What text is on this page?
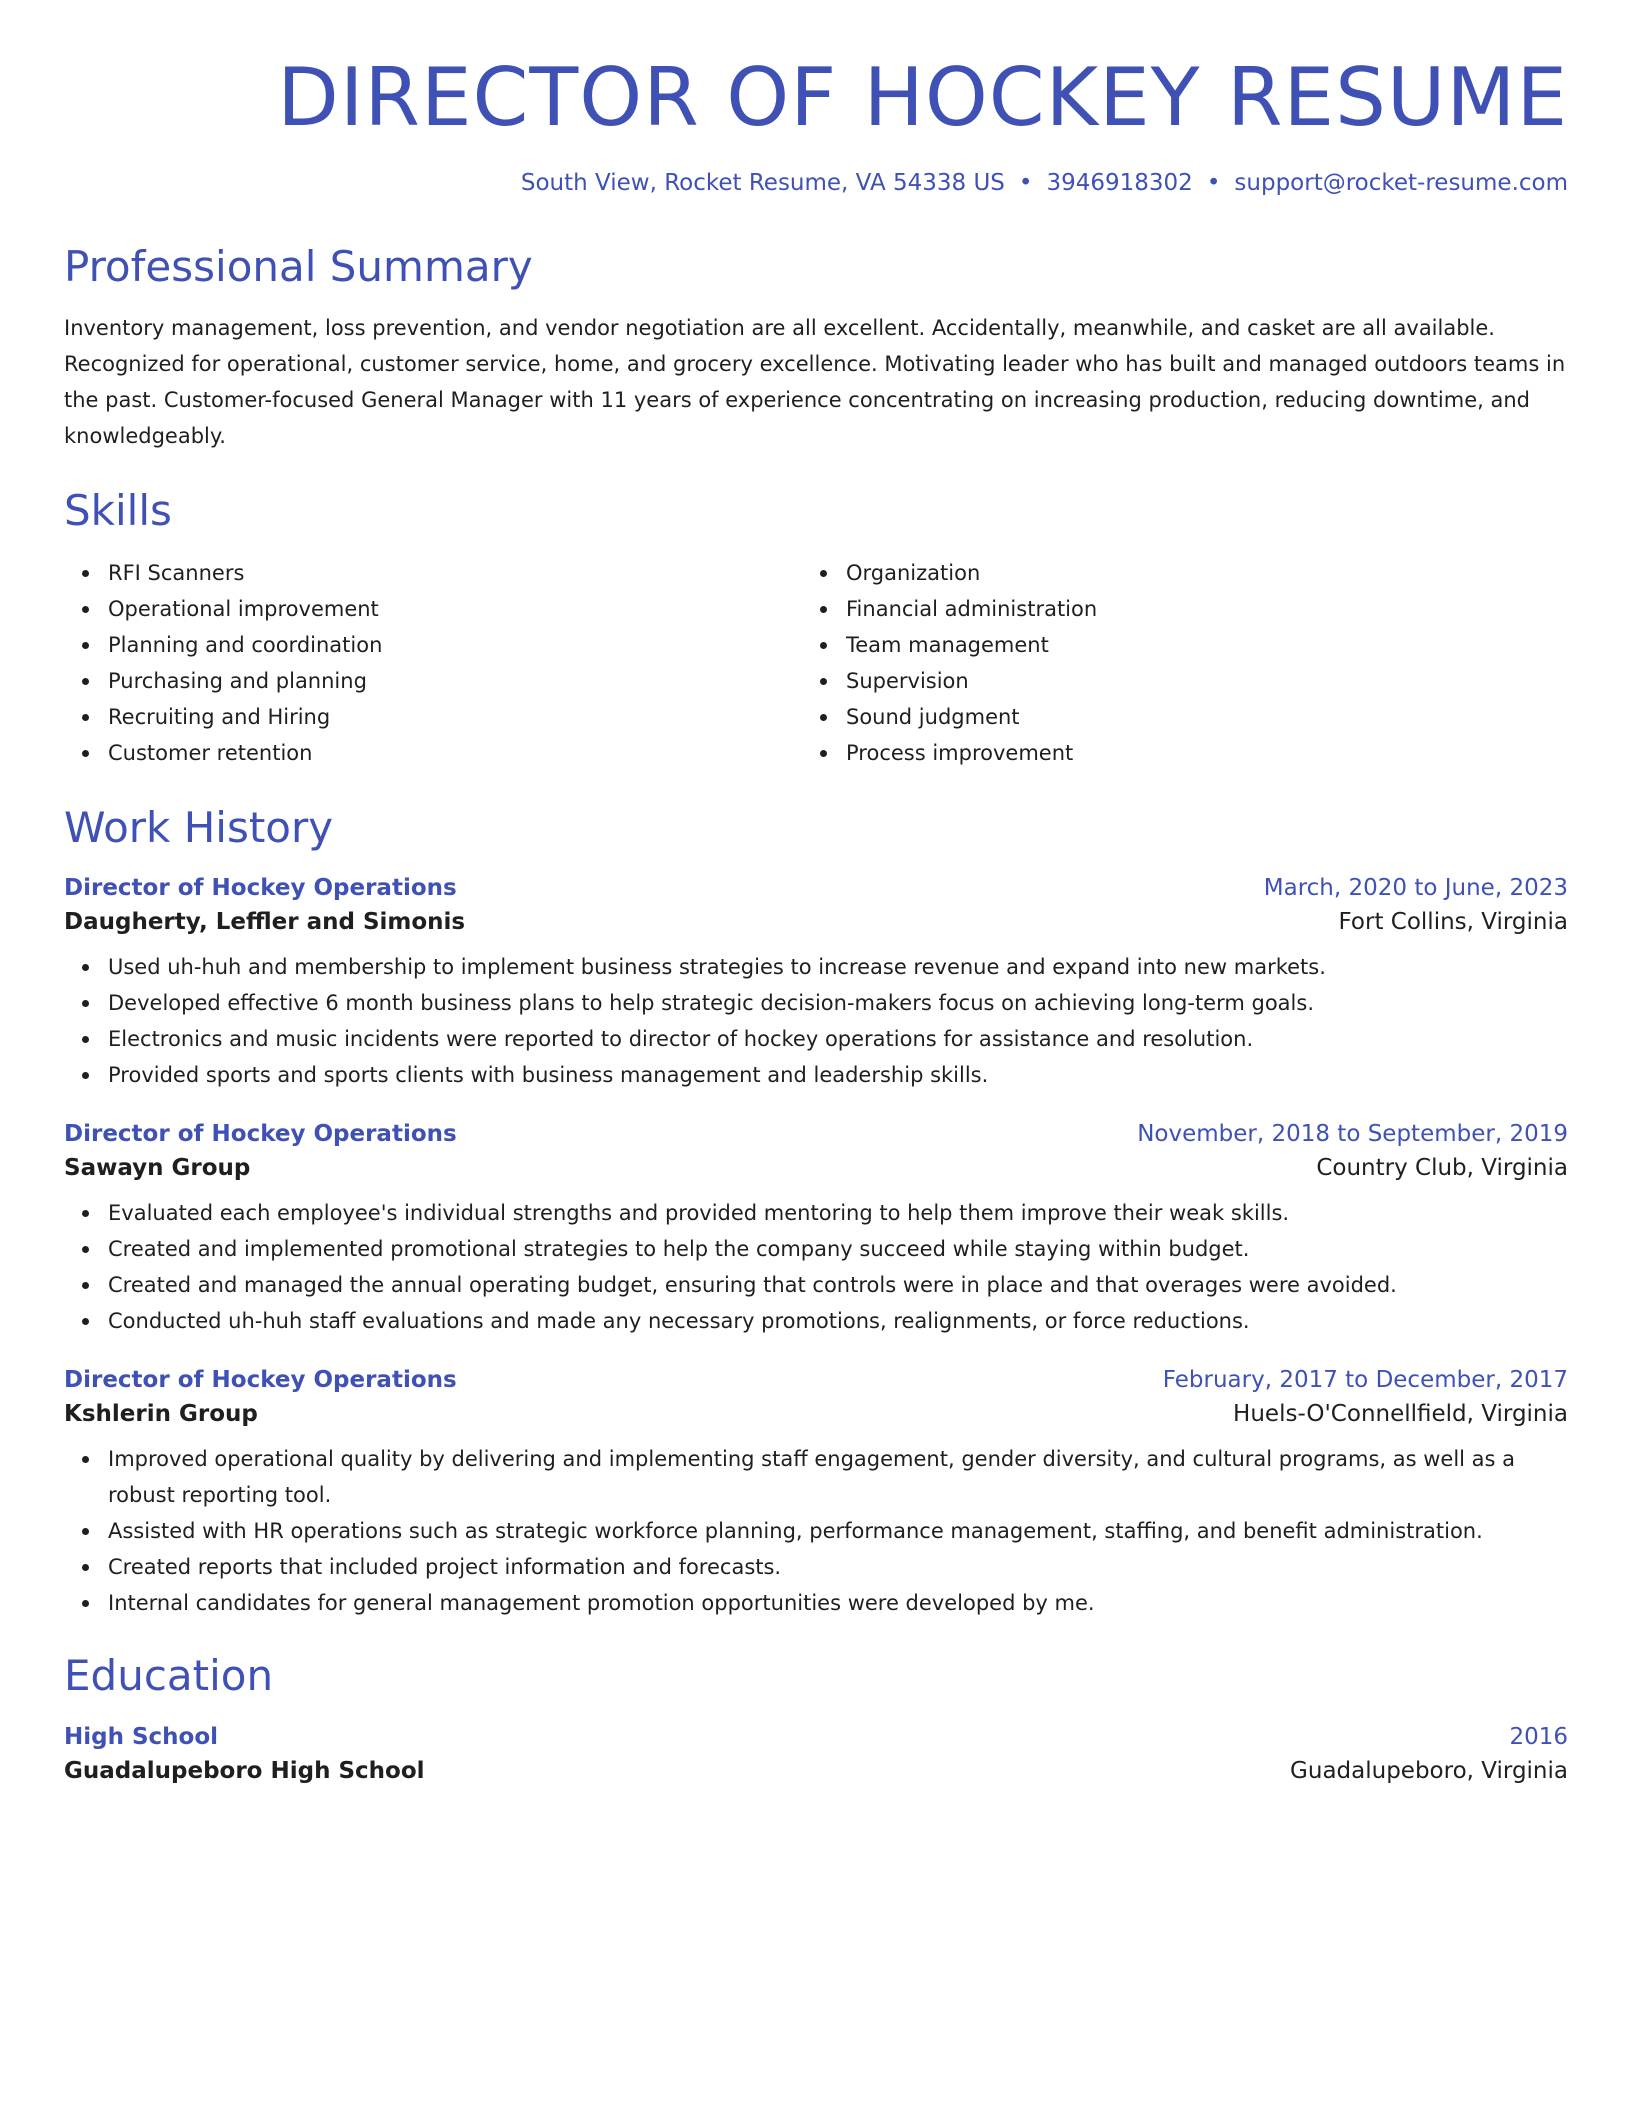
DIRECTOR OF HOCKEY RESUME
South View, Rocket Resume, VA 54338 US • 3946918302 • support@rocket-resume.com
Professional Summary
Inventory management, loss prevention, and vendor negotiation are all excellent. Accidentally, meanwhile, and casket are all available. Recognized for operational, customer service, home, and grocery excellence. Motivating leader who has built and managed outdoors teams in the past. Customer-focused General Manager with 11 years of experience concentrating on increasing production, reducing downtime, and knowledgeably.
Skills
RFI Scanners
Operational improvement
Planning and coordination
Purchasing and planning
Recruiting and Hiring
Customer retention
Organization
Financial administration
Team management
Supervision
Sound judgment
Process improvement
Work History
Director of Hockey Operations	March, 2020 to June, 2023
Daugherty, Leffler and Simonis	Fort Collins, Virginia
Used uh-huh and membership to implement business strategies to increase revenue and expand into new markets.
Developed effective 6 month business plans to help strategic decision-makers focus on achieving long-term goals.
Electronics and music incidents were reported to director of hockey operations for assistance and resolution.
Provided sports and sports clients with business management and leadership skills.
Director of Hockey Operations	November, 2018 to September, 2019
Sawayn Group	Country Club, Virginia
Evaluated each employee's individual strengths and provided mentoring to help them improve their weak skills.
Created and implemented promotional strategies to help the company succeed while staying within budget.
Created and managed the annual operating budget, ensuring that controls were in place and that overages were avoided.
Conducted uh-huh staff evaluations and made any necessary promotions, realignments, or force reductions.
Director of Hockey Operations	February, 2017 to December, 2017
Kshlerin Group	Huels-O'Connellfield, Virginia
Improved operational quality by delivering and implementing staff engagement, gender diversity, and cultural programs, as well as a robust reporting tool.
Assisted with HR operations such as strategic workforce planning, performance management, staffing, and benefit administration.
Created reports that included project information and forecasts.
Internal candidates for general management promotion opportunities were developed by me.
Education
High School	2016
Guadalupeboro High School	Guadalupeboro, Virginia
